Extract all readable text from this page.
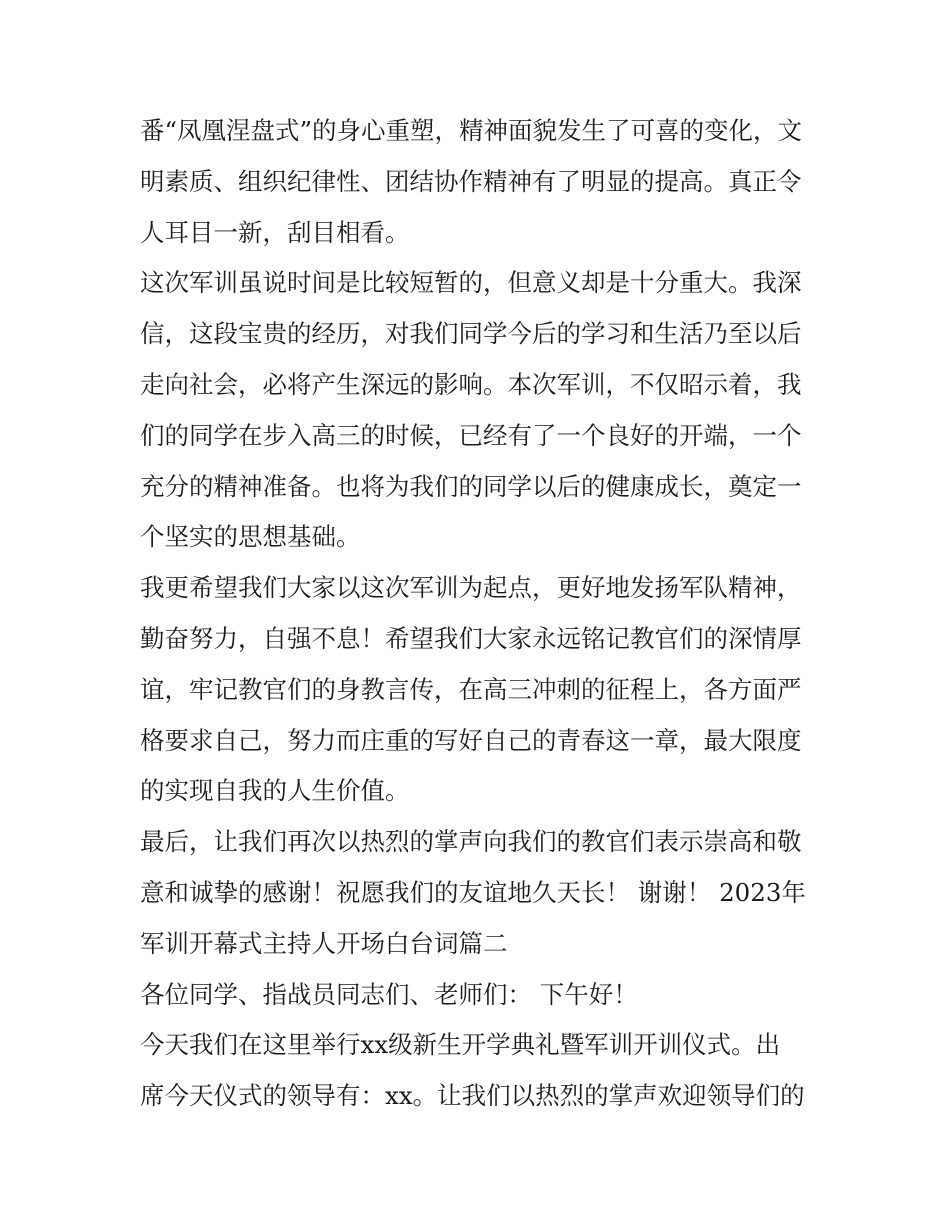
番“凤凰涅盘式”的身心重塑，精神面貌发生了可喜的变化，文
明素质、组织纪律性、团结协作精神有了明显的提高。真正令
人耳目一新，刮目相看。
这次军训虽说时间是比较短暂的，但意义却是十分重大。我深
信，这段宝贵的经历，对我们同学今后的学习和生活乃至以后
走向社会，必将产生深远的影响。本次军训，不仅昭示着，我
们的同学在步入高三的时候，已经有了一个良好的开端，一个
充分的精神准备。也将为我们的同学以后的健康成长，奠定一
个坚实的思想基础。
我更希望我们大家以这次军训为起点，更好地发扬军队精神，
勤奋努力，自强不息！希望我们大家永远铭记教官们的深情厚
谊，牢记教官们的身教言传，在高三冲刺的征程上，各方面严
格要求自己，努力而庄重的写好自己的青春这一章，最大限度
的实现自我的人生价值。
最后，让我们再次以热烈的掌声向我们的教官们表示崇高和敬
意和诚挚的感谢！祝愿我们的友谊地久天长！ 谢谢！ 2023年
军训开幕式主持人开场白台词篇二
各位同学、指战员同志们、老师们： 下午好！
今天我们在这里举行xx级新生开学典礼暨军训开训仪式。出
席今天仪式的领导有：xx。让我们以热烈的掌声欢迎领导们的
